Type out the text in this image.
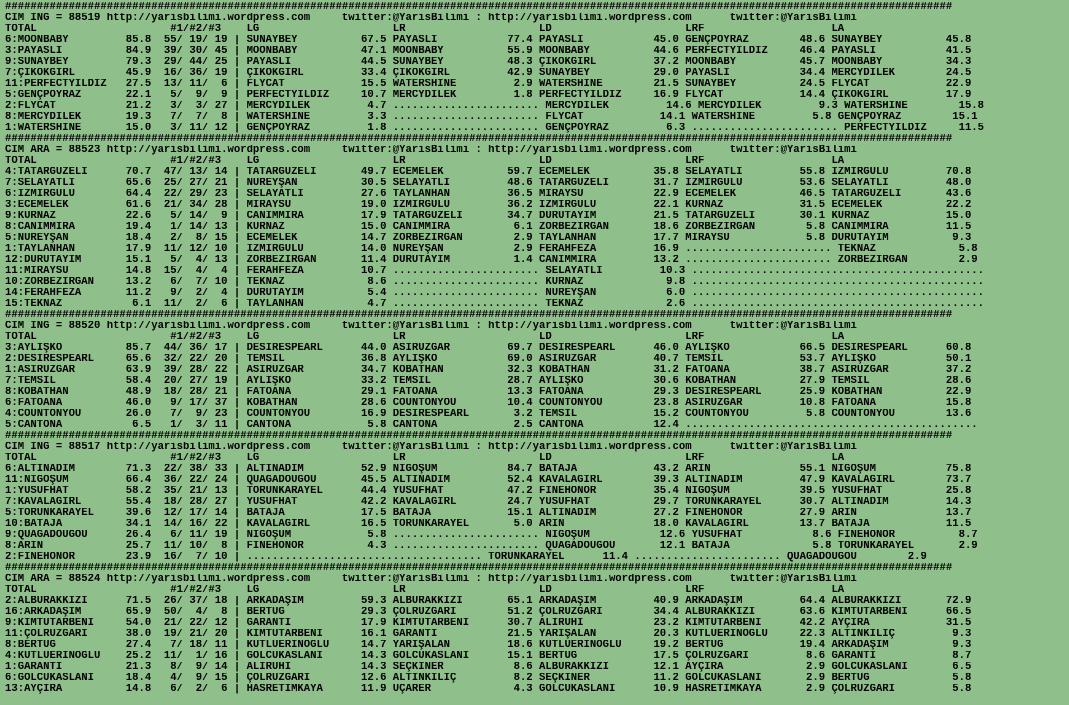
#####################################################################################################################################################
CIM ING = 88519 http://yarisbilimi.wordpress.com     twitter:@YarisBilimi : http://yarisbilimi.wordpress.com      twitter:@YarisBilimi
TOTAL                     #1/#2/#3    LG                     LR                     LD                     LRF                    LA
6:MOONBABY         85.8  55/ 19/ 19 | SUNAYBEY          67.5 PAYASLI           77.4 PAYASLI           45.0 GENÇPOYRAZ        48.6 SUNAYBEY          45.8
3:PAYASLI          84.9  39/ 30/ 45 | MOONBABY          47.1 MOONBABY          55.9 MOONBABY          44.6 PERFECTYILDIZ     46.4 PAYASLI           41.5
9:SUNAYBEY         79.3  29/ 44/ 25 | PAYASLI           44.5 SUNAYBEY          48.3 ÇIKOKGIRL         37.2 MOONBABY          45.7 MOONBABY          34.3
7:ÇIKOKGIRL        45.9  16/ 36/ 19 | ÇIKOKGIRL         33.4 ÇIKOKGIRL         42.9 SUNAYBEY          29.0 PAYASLI           34.4 MERCYDİLEK        24.5
11:PERFECTYILDIZ   27.5  13/ 11/  6 | FLYCAT            15.5 WATERSHINE         2.9 WATERSHINE        21.5 SUNAYBEY          24.5 FLYCAT            22.9
5:GENÇPOYRAZ       22.1   5/  9/  9 | PERFECTYILDIZ     10.7 MERCYDİLEK         1.8 PERFECTYILDIZ     16.9 FLYCAT            14.4 ÇIKOKGIRL         17.9
2:FLYCAT           21.2   3/  3/ 27 | MERCYDİLEK         4.7 ....................... MERCYDİLEK         14.6 MERCYDİLEK         9.3 WATERSHINE        15.8
8:MERCYDİLEK       19.3   7/  7/  8 | WATERSHINE         3.3 ....................... FLYCAT            14.1 WATERSHINE         5.8 GENÇPOYRAZ        15.1
1:WATERSHINE       15.0   3/ 11/ 12 | GENÇPOYRAZ         1.8 ....................... GENÇPOYRAZ         6.3 ....................... PERFECTYILDIZ     11.5
#####################################################################################################################################################
CIM ARA = 88523 http://yarisbilimi.wordpress.com     twitter:@YarisBilimi : http://yarisbilimi.wordpress.com      twitter:@YarisBilimi
TOTAL                     #1/#2/#3    LG                     LR                     LD                     LRF                    LA
4:TATARGÜZELİ      70.7  47/ 13/ 14 | TATARGÜZELİ       49.7 ECEMELEK          59.7 ECEMELEK          35.8 SELAYATLI         55.8 İZMİRGÜLÜ         70.8
7:SELAYATLI        65.6  25/ 27/ 21 | NUREYŞAN          30.5 SELAYATLI         48.6 TATARGÜZELİ       31.7 İZMİRGÜLÜ         53.6 SELAYATLI         48.0
6:İZMİRGÜLÜ        64.4  22/ 29/ 23 | SELAYATLI         27.6 TAYLANHAN         36.5 MİRAYSU           22.9 ECEMELEK          46.5 TATARGÜZELİ       43.6
3:ECEMELEK         61.6  21/ 34/ 28 | MİRAYSU           19.0 İZMİRGÜLÜ         36.2 İZMİRGÜLÜ         22.1 KURNAZ            31.5 ECEMELEK          22.2
9:KURNAZ           22.6   5/ 14/  9 | CANIMMİRA         17.9 TATARGÜZELİ       34.7 DURUTAYIM         21.5 TATARGÜZELİ       30.1 KURNAZ            15.0
8:CANIMMİRA        19.4   1/ 14/ 13 | KURNAZ            15.0 CANIMMİRA          6.1 ZORBEZİRGAN       18.6 ZORBEZİRGAN        5.8 CANIMMİRA         11.5
5:NUREYŞAN         18.4   2/  8/ 15 | ECEMELEK          14.7 ZORBEZİRGAN        2.9 TAYLANHAN         17.7 MİRAYSU            5.8 DURUTAYIM          9.3
1:TAYLANHAN        17.9  11/ 12/ 10 | İZMİRGÜLÜ         14.0 NUREYŞAN           2.9 FERAHFEZA         16.9 ....................... TEKNAZ             5.8
12:DURUTAYIM       15.1   5/  4/ 13 | ZORBEZİRGAN       11.4 DURUTAYIM          1.4 CANIMMİRA         13.2 ....................... ZORBEZİRGAN        2.9
11:MİRAYSU         14.8  15/  4/  4 | FERAHFEZA         10.7 ....................... SELAYATLI         10.3 ..............................................
10:ZORBEZİRGAN     13.2   6/  7/ 10 | TEKNAZ             8.6 ....................... KURNAZ             9.8 ..............................................
14:FERAHFEZA       11.2   9/  2/  4 | DURUTAYIM          5.4 ....................... NUREYŞAN           6.0 ..............................................
15:TEKNAZ           6.1  11/  2/  6 | TAYLANHAN          4.7 ....................... TEKNAZ             2.6 ..............................................
#####################################################################################################################################################
CIM ING = 88520 http://yarisbilimi.wordpress.com     twitter:@YarisBilimi : http://yarisbilimi.wordpress.com      twitter:@YarisBilimi
TOTAL                     #1/#2/#3    LG                     LR                     LD                     LRF                    LA
3:AYLİŞKO          85.7  44/ 36/ 17 | DESIRESPEARL      44.0 ASİRÜZGAR         69.7 DESIRESPEARL      46.0 AYLİŞKO           66.5 DESIRESPEARL      60.8
2:DESIRESPEARL     65.6  32/ 22/ 20 | TEMSİL            36.8 AYLİŞKO           69.0 ASİRÜZGAR         40.7 TEMSİL            53.7 AYLİŞKO           50.1
1:ASİRÜZGAR        63.9  39/ 28/ 22 | ASİRÜZGAR         34.7 KOBATHAN          32.3 KOBATHAN          31.2 FATOANA           38.7 ASİRÜZGAR         37.2
7:TEMSİL           58.4  20/ 27/ 19 | AYLİŞKO           33.2 TEMSİL            28.7 AYLİŞKO           30.6 KOBATHAN          27.9 TEMSİL            28.6
8:KOBATHAN         48.9  18/ 28/ 21 | FATOANA           29.1 FATOANA           13.3 FATOANA           29.3 DESIRESPEARL      25.9 KOBATHAN          22.9
6:FATOANA          46.0   9/ 17/ 37 | KOBATHAN          28.6 COUNTONYOU        10.4 COUNTONYOU        23.8 ASİRÜZGAR         10.8 FATOANA           15.8
4:COUNTONYOU       26.0   7/  9/ 23 | COUNTONYOU        16.9 DESIRESPEARL       3.2 TEMSİL            15.2 COUNTONYOU         5.8 COUNTONYOU        13.6
5:CANTONA           6.5   1/  3/ 11 | CANTONA            5.8 CANTONA            2.5 CANTONA           12.4 ..............................................
#####################################################################################################################################################
CIM ING = 88517 http://yarisbilimi.wordpress.com     twitter:@YarisBilimi : http://yarisbilimi.wordpress.com      twitter:@YarisBilimi
TOTAL                     #1/#2/#3    LG                     LR                     LD                     LRF                    LA
6:ALTINADIM        71.3  22/ 38/ 33 | ALTINADIM         52.9 NİGOŞUM           84.7 BATAJA            43.2 ARİN              55.1 NİGOŞUM           75.8
11:NİGOŞUM         66.4  36/ 22/ 24 | QUAGADOUGOU       45.5 ALTINADIM         52.4 KAVALAGIRL        39.3 ALTINADIM         47.9 KAVALAGIRL        73.7
1:YUSUFHAT         58.2  35/ 21/ 13 | TORUNKARAYEL      44.4 YUSUFHAT          47.2 FINEHONOR         35.4 NİGOŞUM           39.5 YUSUFHAT          25.8
7:KAVALAGIRL       55.4  18/ 28/ 27 | YUSUFHAT          42.2 KAVALAGIRL        24.7 YUSUFHAT          29.7 TORUNKARAYEL      30.7 ALTINADIM         14.3
5:TORUNKARAYEL     39.6  12/ 17/ 14 | BATAJA            17.5 BATAJA            15.1 ALTINADIM         27.2 FINEHONOR         27.9 ARİN              13.7
10:BATAJA          34.1  14/ 16/ 22 | KAVALAGIRL        16.5 TORUNKARAYEL       5.0 ARİN              18.0 KAVALAGIRL        13.7 BATAJA            11.5
9:QUAGADOUGOU      26.4   6/ 11/ 19 | NİGOŞUM            5.8 ....................... NİGOŞUM           12.6 YUSUFHAT           8.6 FINEHONOR          8.7
8:ARİN             25.7  11/ 10/  8 | FINEHONOR          4.3 ....................... QUAGADOUGOU       12.1 BATAJA             5.8 TORUNKARAYEL       2.9
2:FINEHONOR        23.9  16/  7/ 10 | ..................................... TORUNKARAYEL      11.4 ....................... QUAGADOUGOU        2.9
#####################################################################################################################################################
CIM ARA = 88524 http://yarisbilimi.wordpress.com     twitter:@YarisBilimi : http://yarisbilimi.wordpress.com      twitter:@YarisBilimi
TOTAL                     #1/#2/#3    LG                     LR                     LD                     LRF                    LA
2:ALBURAKKIZI      71.5  26/ 37/ 18 | ARKADAŞIM         59.3 ALBURAKKIZI       65.1 ARKADAŞIM         40.9 ARKADAŞIM         64.4 ALBURAKKIZI       72.9
16:ARKADAŞIM       65.9  50/  4/  8 | BERTUĞ            29.3 ÇÖLRÜZGARI        51.2 ÇÖLRÜZGARI        34.4 ALBURAKKIZI       63.6 KİMTUTARBENİ      66.5
9:KİMTUTARBENİ     54.0  21/ 22/ 12 | GARANTİ           17.9 KİMTUTARBENİ      30.7 ALİRUHİ           23.2 KİMTUTARBENİ      42.2 AYÇIRA            31.5
11:ÇÖLRÜZGARI      38.0  19/ 21/ 20 | KİMTUTARBENİ      16.1 GARANTİ           21.5 YARIŞALAN         20.3 KUTLUERİNOĞLU     22.3 ALTINKILIÇ         9.3
8:BERTUĞ           27.4   7/ 18/ 11 | KUTLUERİNOĞLU     14.7 YARIŞALAN         18.6 KUTLUERİNOĞLU     19.2 BERTUĞ            19.4 ARKADAŞIM          9.3
4:KUTLUERİNOĞLU    25.2  11/  1/ 16 | GÖLCÜKASLANI      14.3 GÖLCÜKASLANI      15.1 BERTUĞ            17.5 ÇÖLRÜZGARI         8.6 GARANTİ            8.7
1:GARANTİ          21.3   8/  9/ 14 | ALİRUHİ           14.3 SEÇKİNER           8.6 ALBURAKKIZI       12.1 AYÇIRA             2.9 GÖLCÜKASLANI       6.5
6:GÖLCÜKASLANI     18.4   4/  9/ 15 | ÇÖLRÜZGARI        12.6 ALTINKILIÇ         8.2 SEÇKİNER          11.2 GÖLCÜKASLANI       2.9 BERTUĞ             5.8
13:AYÇIRA          14.8   6/  2/  6 | HASRETİMKAYA      11.9 UÇARER             4.3 GÖLCÜKASLANI      10.9 HASRETİMKAYA       2.9 ÇÖLRÜZGARI         5.8
